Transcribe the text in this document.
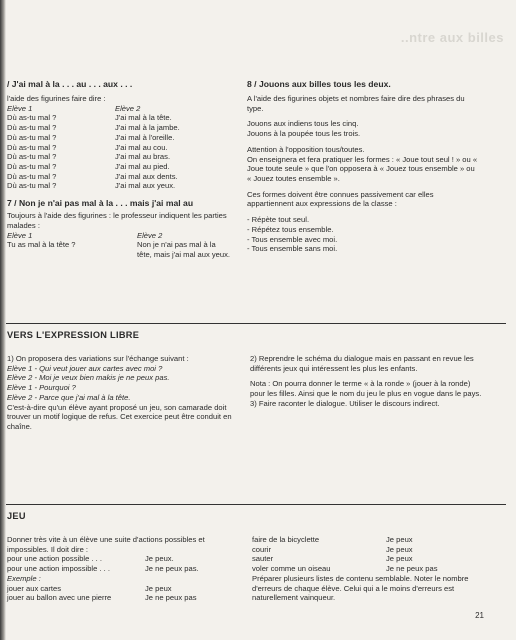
..ntre aux billes
/ J'ai mal à la . . . au . . . aux . . .

l'aide des figurines faire dire :

Elève 1	Elève 2
Dù as-tu mal ?	J'ai mal à la tête.
Dù as-tu mal ?	J'ai mal à la jambe.
Dù as-tu mal ?	J'ai mal à l'oreille.
Dù as-tu mal ?	J'ai mal au cou.
Dù as-tu mal ?	J'ai mal au bras.
Dù as-tu mal ?	J'ai mal au pied.
Dù as-tu mal ?	J'ai mal aux dents.
Dù as-tu mal ?	J'ai mal aux yeux.
7 / Non je n'ai pas mal à la . . . mais j'ai mal au

Toujours à l'aide des figurines : le professeur indiquent les parties malades :

Elève 1	Elève 2
Tu as mal à la tête ?	Non je n'ai pas mal à la tête, mais j'ai mal aux yeux.
8 / Jouons aux billes tous les deux.

A l'aide des figurines objets et nombres faire dire des phrases du type.

Jouons aux indiens tous les cinq.

Jouons à la poupée tous les trois.

Attention à l'opposition tous/toutes.

On enseignera et fera pratiquer les formes : « Joue tout seul ! » ou « Joue toute seule » que l'on opposera à « Jouez tous ensemble » ou « Jouez toutes ensemble ».

Ces formes doivent être connues passivement car elles appartiennent aux expressions de la classe :

- Répète tout seul.
- Répétez tous ensemble.
- Tous ensemble avec moi.
- Tous ensemble sans moi.
VERS L'EXPRESSION LIBRE

1) On proposera des variations sur l'échange suivant :

Elève 1 - Qui veut jouer aux cartes avec moi ?

Elève 2 - Moi je veux bien makis je ne peux pas.

Elève 1 - Pourquoi ?

Elève 2 - Parce que j'ai mal à la tête.

C'est-à-dire qu'un élève ayant proposé un jeu, son camarade doit trouver un motif logique de refus. Cet exercice peut être conduit en chaîne.

2) Reprendre le schéma du dialogue mais en passant en revue les différents jeux qui intéressent les plus les enfants.

Nota : On pourra donner le terme « à la ronde » (jouer à la ronde) pour les filles. Ainsi que le nom du jeu le plus en vogue dans le pays.

3) Faire raconter le dialogue. Utiliser le discours indirect.

JEU

Donner très vite à un élève une suite d'actions possibles et impossibles. Il doit dire :

pour une action possible . . .	Je peux.
pour une action impossible . . .	Je ne peux pas.

Exemple :

jouer aux cartes	Je peux
jouer au ballon avec une pierre	Je ne peux pas
faire de la bicyclette	Je peux
courir	Je peux
sauter	Je peux
voler comme un oiseau	Je ne peux pas

Préparer plusieurs listes de contenu semblable. Noter le nombre d'erreurs de chaque élève. Celui qui a le moins d'erreurs est naturellement vainqueur.

21
